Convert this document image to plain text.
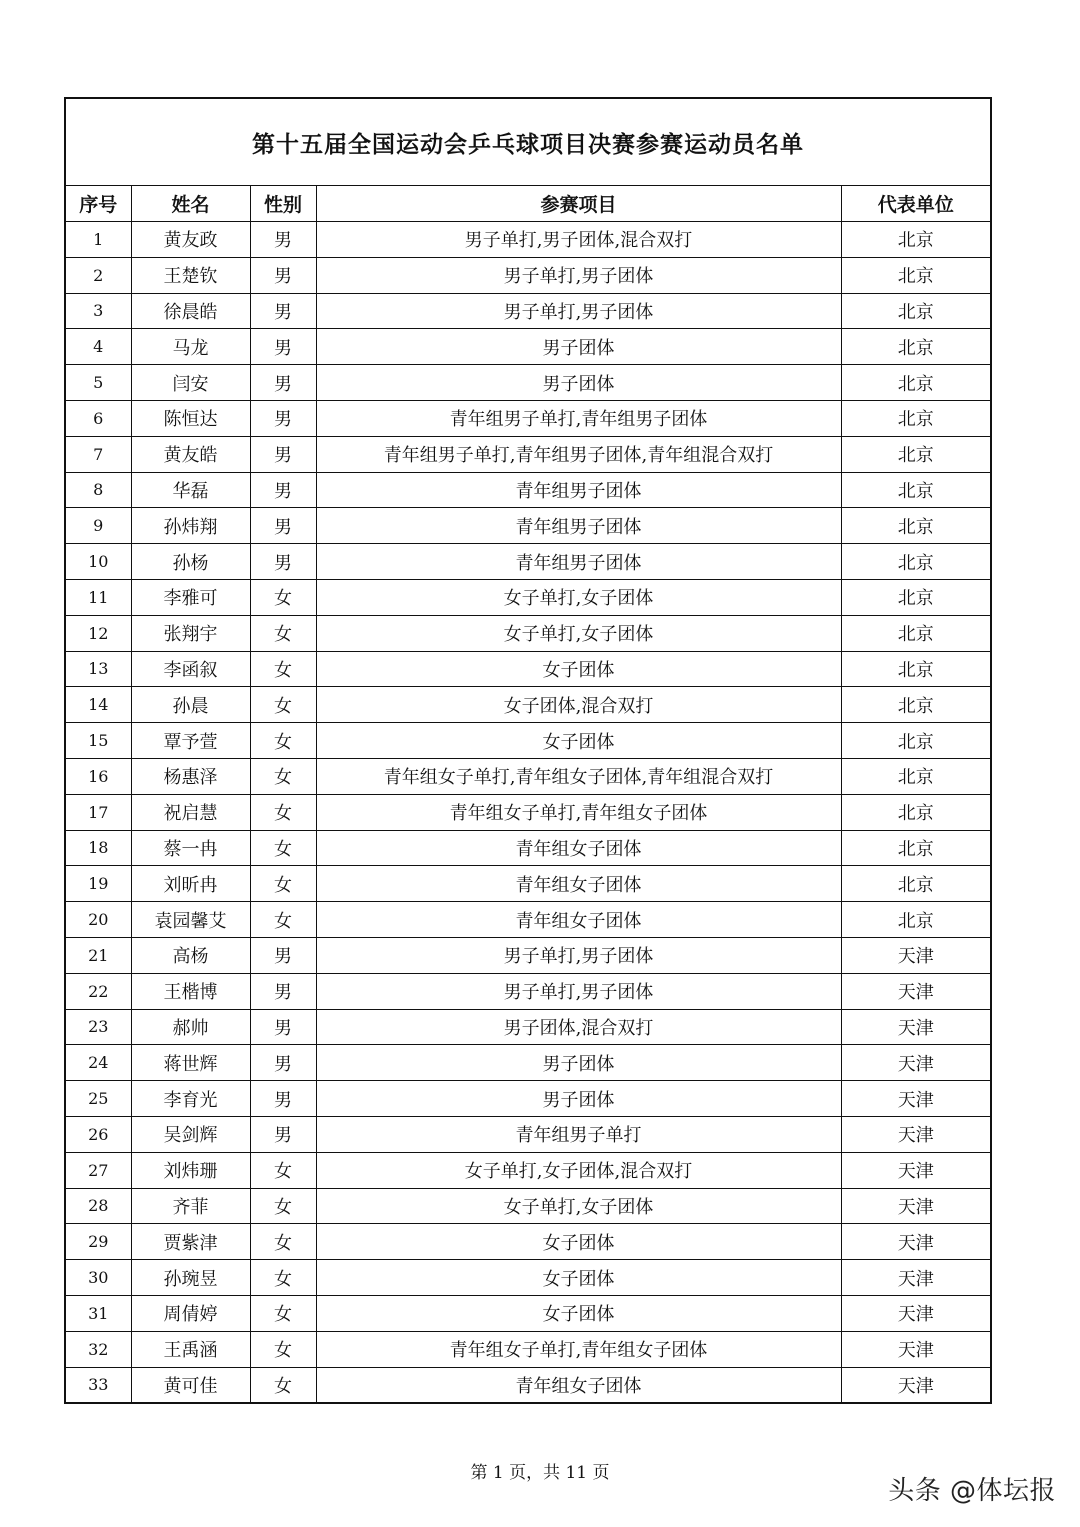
第十五届全国运动会乒乓球项目决赛参赛运动员名单
序号	姓名	性别	参赛项目	代表单位
1	黄友政	男	男子单打,男子团体,混合双打	北京
2	王楚钦	男	男子单打,男子团体	北京
3	徐晨皓	男	男子单打,男子团体	北京
4	马龙	男	男子团体	北京
5	闫安	男	男子团体	北京
6	陈恒达	男	青年组男子单打,青年组男子团体	北京
7	黄友皓	男	青年组男子单打,青年组男子团体,青年组混合双打	北京
8	华磊	男	青年组男子团体	北京
9	孙炜翔	男	青年组男子团体	北京
10	孙杨	男	青年组男子团体	北京
11	李雅可	女	女子单打,女子团体	北京
12	张翔宇	女	女子单打,女子团体	北京
13	李函叙	女	女子团体	北京
14	孙晨	女	女子团体,混合双打	北京
15	覃予萱	女	女子团体	北京
16	杨惠泽	女	青年组女子单打,青年组女子团体,青年组混合双打	北京
17	祝启慧	女	青年组女子单打,青年组女子团体	北京
18	蔡一冉	女	青年组女子团体	北京
19	刘昕冉	女	青年组女子团体	北京
20	袁园馨艾	女	青年组女子团体	北京
21	高杨	男	男子单打,男子团体	天津
22	王楷博	男	男子单打,男子团体	天津
23	郝帅	男	男子团体,混合双打	天津
24	蒋世辉	男	男子团体	天津
25	李育光	男	男子团体	天津
26	吴剑辉	男	青年组男子单打	天津
27	刘炜珊	女	女子单打,女子团体,混合双打	天津
28	齐菲	女	女子单打,女子团体	天津
29	贾紫津	女	女子团体	天津
30	孙琬昱	女	女子团体	天津
31	周倩婷	女	女子团体	天津
32	王禹涵	女	青年组女子单打,青年组女子团体	天津
33	黄可佳	女	青年组女子团体	天津
第 1 页，共 11 页
头条 @体坛报
